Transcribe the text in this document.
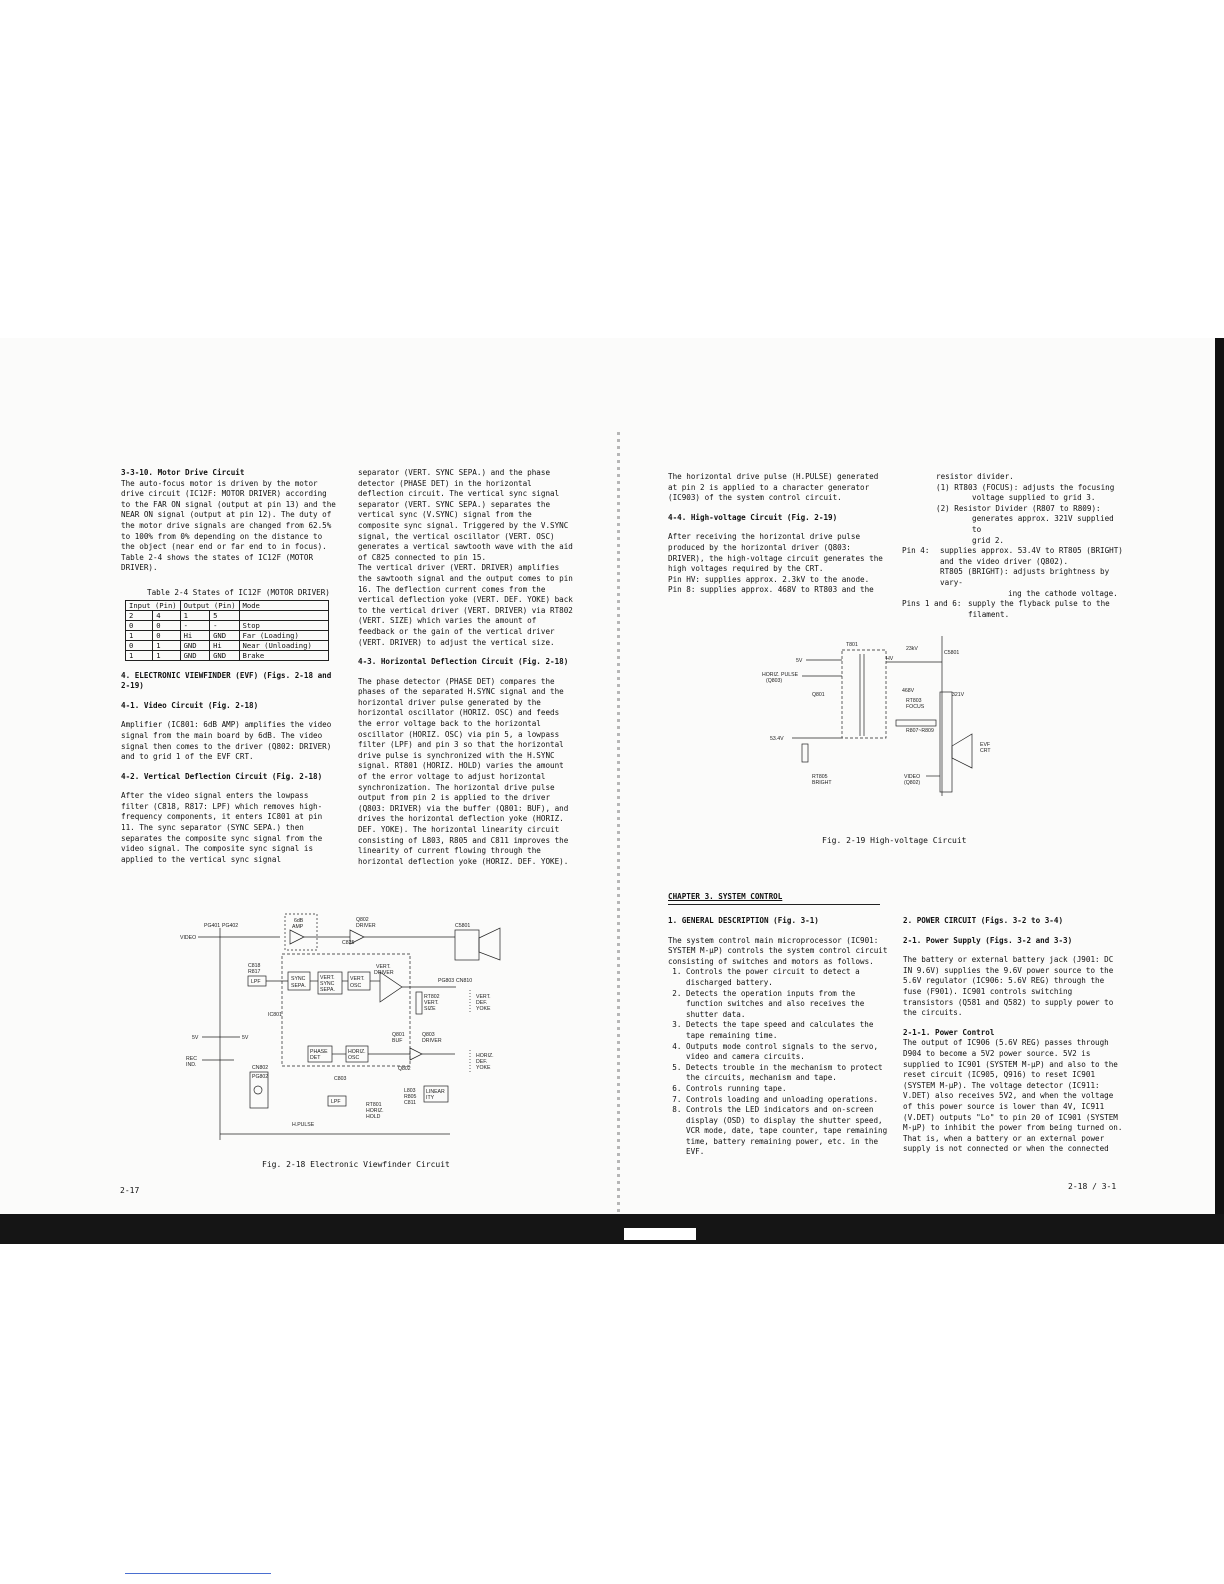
3-3-10. Motor Drive Circuit

The auto-focus motor is driven by the motor drive circuit (IC12F: MOTOR DRIVER) according to the FAR ON signal (output at pin 13) and the NEAR ON signal (output at pin 12). The duty of the motor drive signals are changed from 62.5% to 100% from 0% depending on the distance to the object (near end or far end to in focus).

Table 2-4 shows the states of IC12F (MOTOR DRIVER).

Table 2-4 States of IC12F (MOTOR DRIVER)
Input (Pin)		Output (Pin)		Mode
2	4	1	5	
0	0	-	-	Stop
1	0	Hi	GND	Far (Loading)
0	1	GND	Hi	Near (Unloading)
1	1	GND	GND	Brake

4. ELECTRONIC VIEWFINDER (EVF) (Figs. 2-18 and 2-19)

4-1. Video Circuit (Fig. 2-18)

Amplifier (IC801: 6dB AMP) amplifies the video signal from the main board by 6dB. The video signal then comes to the driver (Q802: DRIVER) and to grid 1 of the EVF CRT.

4-2. Vertical Deflection Circuit (Fig. 2-18)

After the video signal enters the lowpass filter (C818, R817: LPF) which removes high-frequency components, it enters IC801 at pin 11. The sync separator (SYNC SEPA.) then separates the composite sync signal from the video signal. The composite sync signal is applied to the vertical sync signal

separator (VERT. SYNC SEPA.) and the phase detector (PHASE DET) in the horizontal deflection circuit. The vertical sync signal separator (VERT. SYNC SEPA.) separates the vertical sync (V.SYNC) signal from the composite sync signal. Triggered by the V.SYNC signal, the vertical oscillator (VERT. OSC) generates a vertical sawtooth wave with the aid of C825 connected to pin 15.

The vertical driver (VERT. DRIVER) amplifies the sawtooth signal and the output comes to pin 16. The deflection current comes from the vertical deflection yoke (VERT. DEF. YOKE) back to the vertical driver (VERT. DRIVER) via RT802 (VERT. SIZE) which varies the amount of feedback or the gain of the vertical driver (VERT. DRIVER) to adjust the vertical size.

4-3. Horizontal Deflection Circuit (Fig. 2-18)

The phase detector (PHASE DET) compares the phases of the separated H.SYNC signal and the horizontal driver pulse generated by the horizontal oscillator (HORIZ. OSC) and feeds the error voltage back to the horizontal oscillator (HORIZ. OSC) via pin 5, a lowpass filter (LPF) and pin 3 so that the horizontal drive pulse is synchronized with the H.SYNC signal. RT801 (HORIZ. HOLD) varies the amount of the error voltage to adjust horizontal synchronization. The horizontal drive pulse output from pin 2 is applied to the driver (Q803: DRIVER) via the buffer (Q801: BUF), and drives the horizontal deflection yoke (HORIZ. DEF. YOKE). The horizontal linearity circuit consisting of L803, R805 and C811 improves the linearity of current flowing through the horizontal deflection yoke (HORIZ. DEF. YOKE).

VIDEO
PG401 PG402
6dB
AMP
Q802
DRIVER
C825
C5801
C818
R817
LPF	SYNC
SEPA.
VERT.
SYNC
SEPA.
VERT.
OSC
VERT.
DRIVER
PG803 CN810
RT802
VERT.
SIZE
VERT.
DEF.
YOKE
IC801
5V	5V
REC
IND.	CN802
PG802
PHASE
DET
HORIZ.
OSC
Q801
BUF
Q803
DRIVER
Q802
HORIZ.
DEF.
YOKE
C803
LPF	RT801
HORIZ.
HOLD
L803
R805
C811
LINEAR
ITY
H.PULSE
Fig. 2-18 Electronic Viewfinder Circuit
2-17

The horizontal drive pulse (H.PULSE) generated at pin 2 is applied to a character generator (IC903) of the system control circuit.

4-4. High-voltage Circuit (Fig. 2-19)

After receiving the horizontal drive pulse produced by the horizontal driver (Q803: DRIVER), the high-voltage circuit generates the high voltages required by the CRT.

Pin HV: supplies approx. 2.3kV to the anode.

Pin 8: supplies approx. 468V to RT803 and the

resistor divider.

(1) RT803 (FOCUS): adjusts the focusing

voltage supplied to grid 3.

(2) Resistor Divider (R807 to R809):

generates approx. 321V supplied to

grid 2.

Pin 4:	supplies approx. 53.4V to RT805 (BRIGHT)
and the video driver (Q802).
RT805 (BRIGHT): adjusts brightness by vary-
ing the cathode voltage.
Pins 1 and 6: supply the flyback pulse to the
filament.
T801
23kV
C5801
5V	HV
HORIZ. PULSE
(Q803)
Q801
468V
RT803
FOCUS
321V
R807~R809
53.4V
EVF
CRT
RT805
BRIGHT
VIDEO
(Q802)
Fig. 2-19 High-voltage Circuit
CHAPTER 3. SYSTEM CONTROL

1. GENERAL DESCRIPTION (Fig. 3-1)

The system control main microprocessor (IC901: SYSTEM M-µP) controls the system control circuit consisting of switches and motors as follows.

1. Controls the power circuit to detect a discharged battery.
2. Detects the operation inputs from the function switches and also receives the shutter data.
3. Detects the tape speed and calculates the tape remaining time.
4. Outputs mode control signals to the servo, video and camera circuits.
5. Detects trouble in the mechanism to protect the circuits, mechanism and tape.
6. Controls running tape.
7. Controls loading and unloading operations.
8. Controls the LED indicators and on-screen display (OSD) to display the shutter speed, VCR mode, date, tape counter, tape remaining time, battery remaining power, etc. in the EVF.

2. POWER CIRCUIT (Figs. 3-2 to 3-4)

2-1. Power Supply (Figs. 3-2 and 3-3)

The battery or external battery jack (J901: DC IN 9.6V) supplies the 9.6V power source to the 5.6V regulator (IC906: 5.6V REG) through the fuse (F901). IC901 controls switching transistors (Q581 and Q582) to supply power to the circuits.

2-1-1. Power Control

The output of IC906 (5.6V REG) passes through D904 to become a 5V2 power source. 5V2 is supplied to IC901 (SYSTEM M-µP) and also to the reset circuit (IC905, Q916) to reset IC901 (SYSTEM M-µP). The voltage detector (IC911: V.DET) also receives 5V2, and when the voltage of this power source is lower than 4V, IC911 (V.DET) outputs "Lo" to pin 20 of IC901 (SYSTEM M-µP) to inhibit the power from being turned on. That is, when a battery or an external power supply is not connected or when the connected

2-18 / 3-1
